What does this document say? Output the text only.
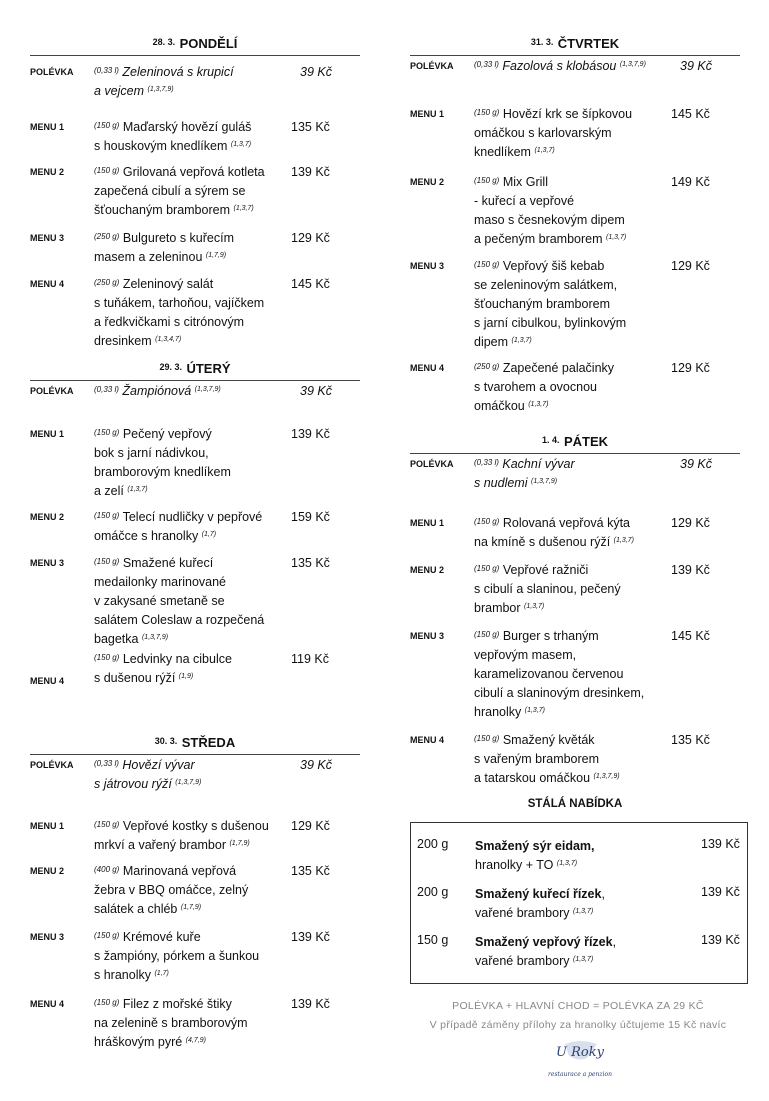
$^{28. 3.}$ PONDĚLÍ
POLÉVKA	$^{(0,33 l)}$ Zeleninová s krupicí
a vejcem $^{(1,3,7,9)}$
39 Kč
MENU 1	$^{(150 g)}$ Maďarský hovězí guláš
s houskovým knedlíkem $^{(1,3,7)}$
135 Kč
MENU 2	$^{(150 g)}$ Grilovaná vepřová kotleta
zapečená cibulí a sýrem se
šťouchaným bramborem $^{(1,3,7)}$
139 Kč
MENU 3	$^{(250 g)}$ Bulgureto s kuřecím
masem a zeleninou $^{(1,7,9)}$
129 Kč
MENU 4	$^{(250 g)}$ Zeleninový salát
s tuňákem, tarhoňou, vajíčkem
a ředkvičkami s citrónovým
dresinkem $^{(1,3,4,7)}$
145 Kč
$^{29. 3.}$ ÚTERÝ
POLÉVKA	$^{(0,33 l)}$ Žampiónová $^{(1,3,7,9)}$	39 Kč
MENU 1	$^{(150 g)}$ Pečený vepřový
bok s jarní nádivkou,
bramborovým knedlíkem
a zelí $^{(1,3,7)}$
139 Kč
MENU 2	$^{(150 g)}$ Telecí nudličky v pepřové
omáčce s hranolky $^{(1,7)}$
159 Kč
MENU 3	$^{(150 g)}$ Smažené kuřecí
medailonky marinované
v zakysané smetaně se
salátem Coleslaw a rozpečená
bagetka $^{(1,3,7,9)}$
135 Kč
MENU 4
$^{(150 g)}$ Ledvinky na cibulce
s dušenou rýží $^{(1,9)}$
119 Kč
$^{30. 3.}$ STŘEDA
POLÉVKA	$^{(0,33 l)}$ Hovězí vývar
s játrovou rýží $^{(1,3,7,9)}$
39 Kč
MENU 1	$^{(150 g)}$ Vepřové kostky s dušenou
mrkví a vařený brambor $^{(1,7,9)}$
129 Kč
MENU 2	$^{(400 g)}$ Marinovaná vepřová
žebra v BBQ omáčce, zelný
salátek a chléb $^{(1,7,9)}$
135 Kč
MENU 3	$^{(150 g)}$ Krémové kuře
s žampióny, pórkem a šunkou
s hranolky $^{(1,7)}$
139 Kč
MENU 4	$^{(150 g)}$ Filez z mořské štiky
na zelenině s bramborovým
hráškovým pyré $^{(4,7,9)}$
139 Kč
$^{31. 3.}$ ČTVRTEK
POLÉVKA	$^{(0,33 l)}$ Fazolová s klobásou $^{(1,3,7,9)}$	39 Kč
MENU 1	$^{(150 g)}$ Hovězí krk se šípkovou
omáčkou s karlovarským
knedlíkem $^{(1,3,7)}$
145 Kč
MENU 2	$^{(150 g)}$ Mix Grill
- kuřecí a vepřové
maso s česnekovým dipem
a pečeným bramborem $^{(1,3,7)}$
149 Kč
MENU 3	$^{(150 g)}$ Vepřový šiš kebab
se zeleninovým salátkem,
šťouchaným bramborem
s jarní cibulkou, bylinkovým
dipem $^{(1,3,7)}$
129 Kč
MENU 4	$^{(250 g)}$ Zapečené palačinky
s tvarohem a ovocnou
omáčkou $^{(1,3,7)}$
129 Kč
$^{1. 4.}$ PÁTEK
POLÉVKA	$^{(0,33 l)}$ Kachní vývar
s nudlemi $^{(1,3,7,9)}$
39 Kč
MENU 1	$^{(150 g)}$ Rolovaná vepřová kýta
na kmíně s dušenou rýží $^{(1,3,7)}$
129 Kč
MENU 2	$^{(150 g)}$ Vepřové ražniči
s cibulí a slaninou, pečený
brambor $^{(1,3,7)}$
139 Kč
MENU 3	$^{(150 g)}$ Burger s trhaným
vepřovým masem,
karamelizovanou červenou
cibulí a slaninovým dresinkem,
hranolky $^{(1,3,7)}$
145 Kč
MENU 4	$^{(150 g)}$ Smažený květák
s vařeným bramborem
a tatarskou omáčkou $^{(1,3,7,9)}$
135 Kč
STÁLÁ NABÍDKA
200 g Smažený sýr eidam,
hranolky + TO $^{(1,3,7)}$
139 Kč
200 g Smažený kuřecí řízek,
vařené brambory $^{(1,3,7)}$
139 Kč
150 g Smažený vepřový řízek,
vařené brambory $^{(1,3,7)}$
139 Kč
POLÉVKA + HLAVNÍ CHOD = POLÉVKA ZA 29 KČ
V případě záměny přílohy za hranolky účtujeme 15 Kč navíc
U Roky
restaurace a penzion
